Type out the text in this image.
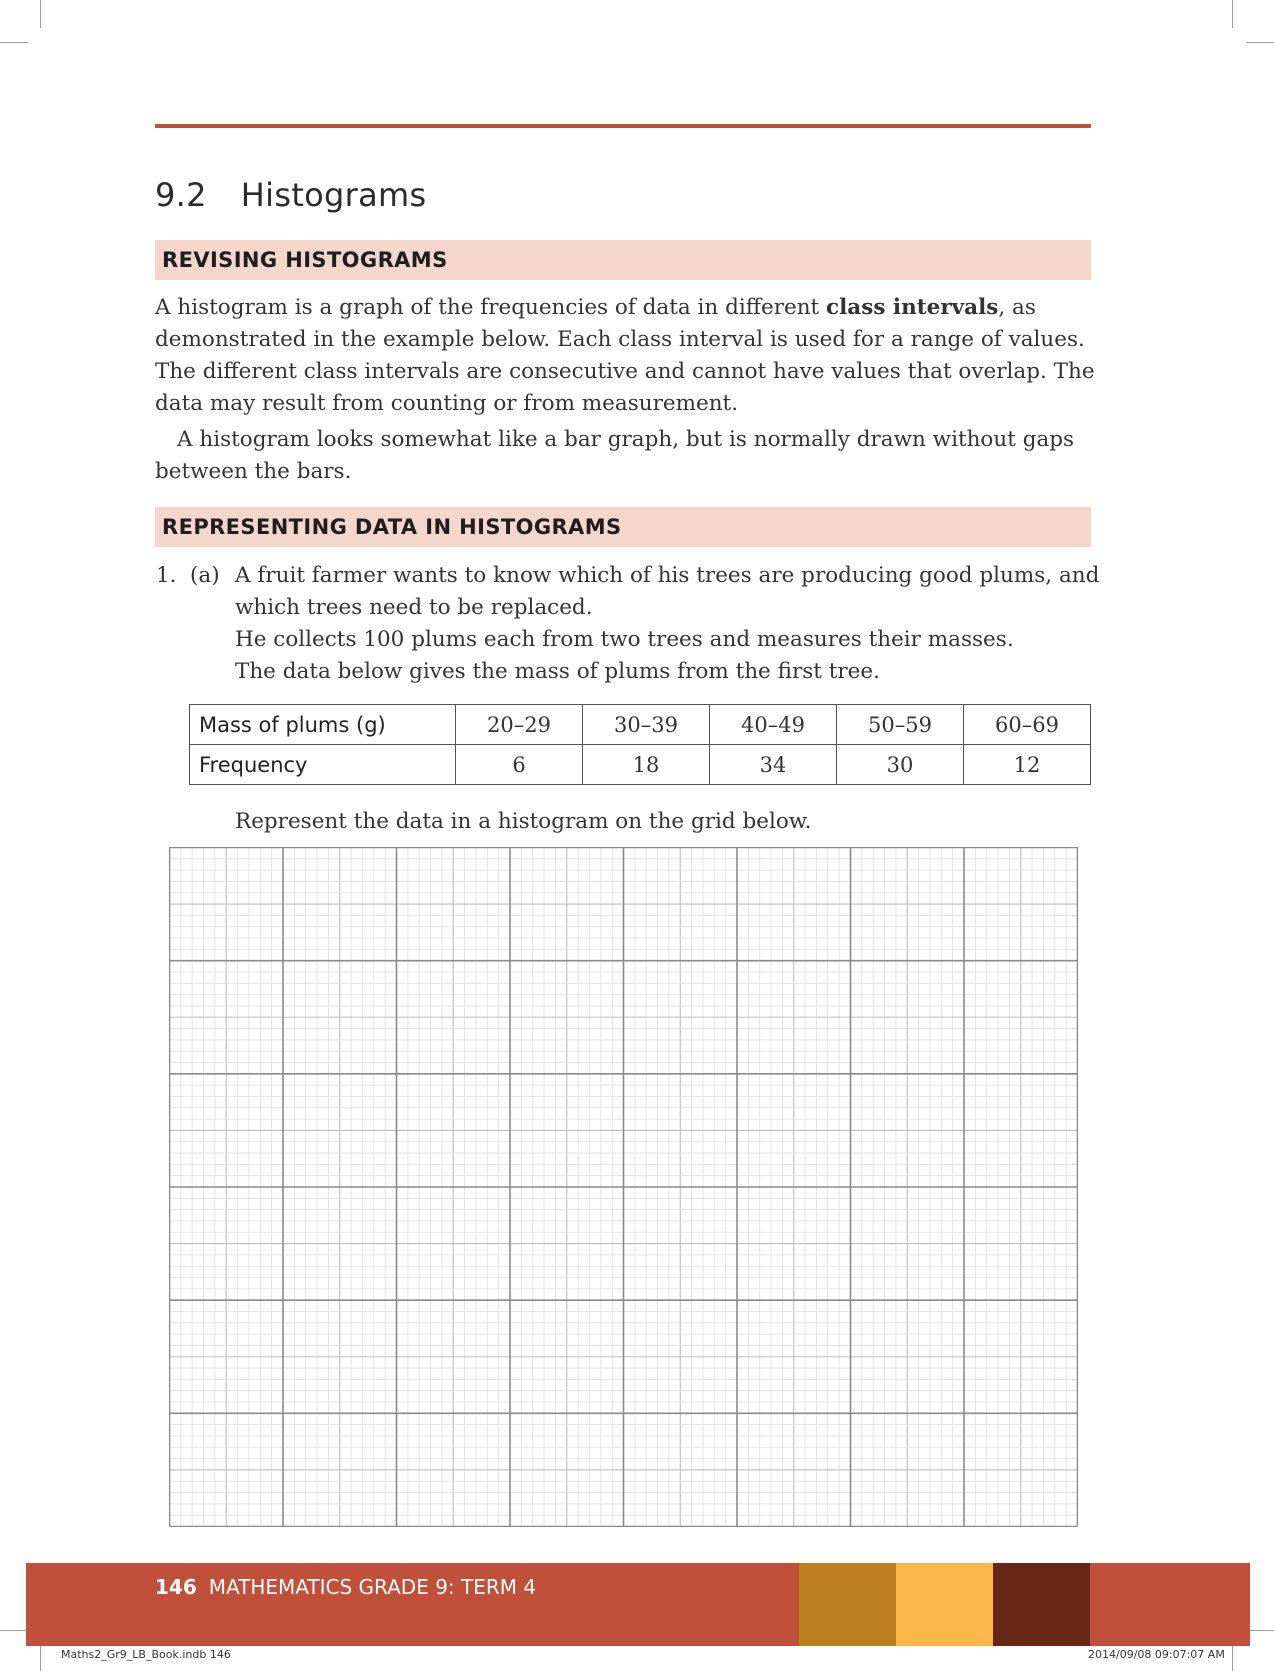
9.2 Histograms
REVISING HISTOGRAMS

A histogram is a graph of the frequencies of data in different class intervals, as demonstrated in the example below. Each class interval is used for a range of values. The different class intervals are consecutive and cannot have values that overlap. The data may result from counting or from measurement.

A histogram looks somewhat like a bar graph, but is normally drawn without gaps between the bars.

REPRESENTING DATA IN HISTOGRAMS
1. (a) A fruit farmer wants to know which of his trees are producing good plums, and
which trees need to be replaced.
He collects 100 plums each from two trees and measures their masses.
The data below gives the mass of plums from the first tree.
Mass of plums (g)	20–29	30–39	40–49	50–59	60–69
Frequency	6	18	34	30	12
Represent the data in a histogram on the grid below.
146 MATHEMATICS GRADE 9: TERM 4
Maths2_Gr9_LB_Book.indb 146	2014/09/08 09:07:07 AM
